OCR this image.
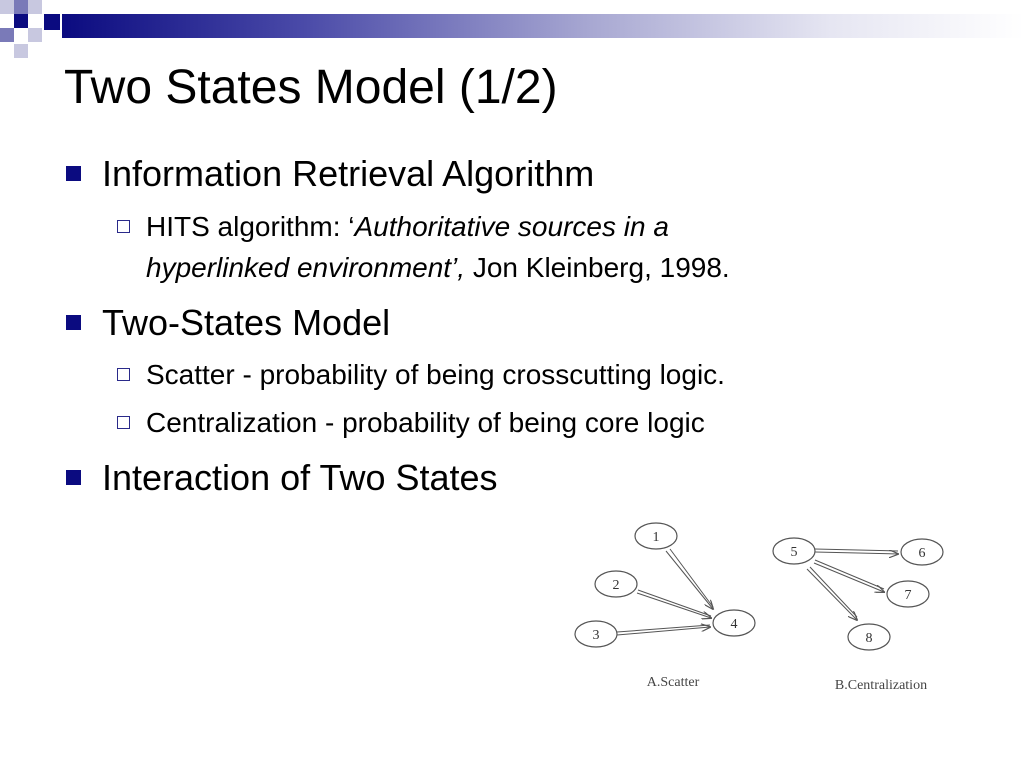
Two States Model (1/2)
Information Retrieval Algorithm
HITS algorithm: ‘Authoritative sources in a
hyperlinked environment’, Jon Kleinberg, 1998.
Two-States Model
Scatter - probability of being crosscutting logic.
Centralization - probability of being core logic
Interaction of Two States
1
2
3
4
5	6
7
8
A.Scatter	B.Centralization
